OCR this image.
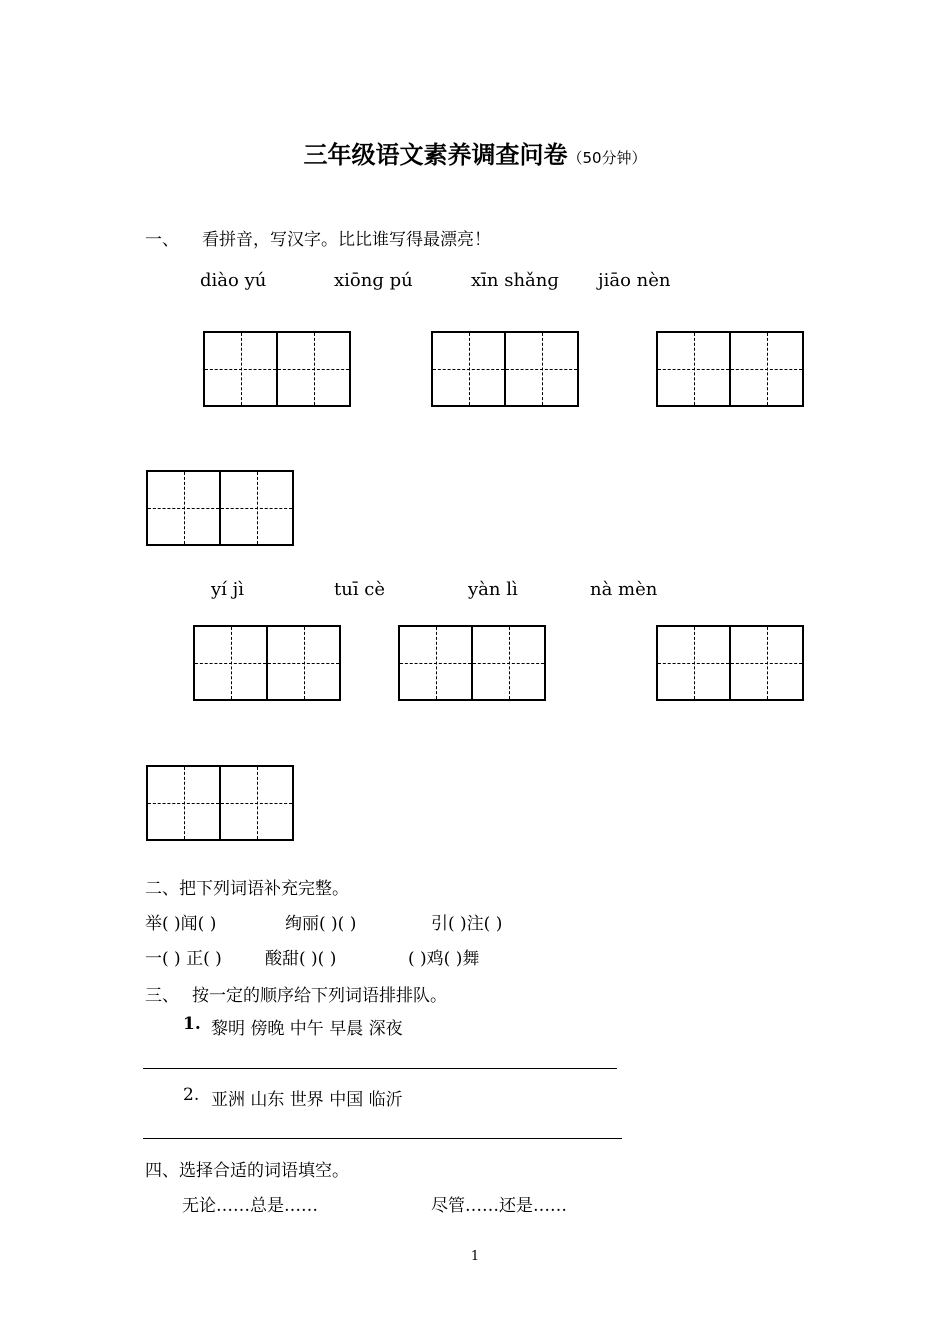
三年级语文素养调查问卷（50分钟）
一、 看拼音，写汉字。比比谁写得最漂亮！
diào yú	xiōnɡ pú	xīn shǎnɡ jiāo nèn
yí jì	tuī cè	yàn lì	nà mèn
二、把下列词语补充完整。
举( )闻( )	绚丽( )( )	引( )注( )
一( ) 正( )	酸甜( )( )	( )鸡( )舞
三、 按一定的顺序给下列词语排排队。
1. 黎明 傍晚 中午 早晨 深夜
2. 亚洲 山东 世界 中国 临沂
四、选择合适的词语填空。
无论……总是……	尽管……还是……
1
